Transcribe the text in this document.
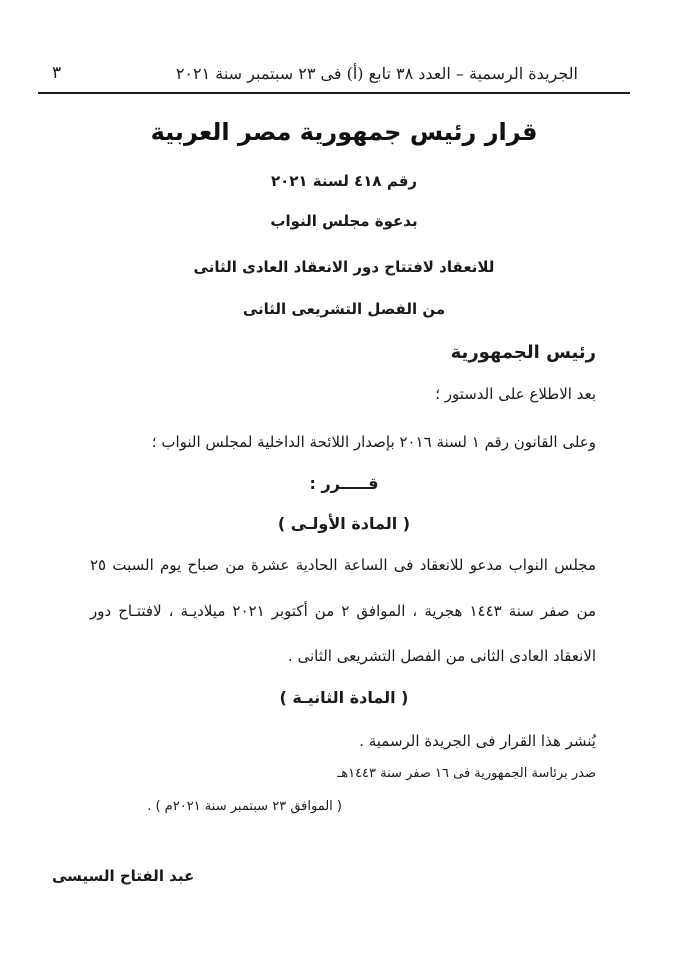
الجريدة الرسمية – العدد ٣٨ تابع (أ) فى ٢٣ سبتمبر سنة ٢٠٢١
٣
قرار رئيس جمهورية مصر العربية
رقم ٤١٨ لسنة ٢٠٢١
بدعوة مجلس النواب
للانعقاد لافتتاح دور الانعقاد العادى الثانى
من الفصل التشريعى الثانى
رئيس الجمهورية
بعد الاطلاع على الدستور ؛
وعلى القانون رقم ١ لسنة ٢٠١٦ بإصدار اللائحة الداخلية لمجلس النواب ؛
قـــــرر :
( المادة الأولـى )
مجلس النواب مدعو للانعقاد فى الساعة الحادية عشرة من صباح يوم السبت ٢٥
من صفر سنة ١٤٤٣ هجرية ، الموافق ٢ من أكتوبر ٢٠٢١ ميلاديـة ، لافتتـاح دور
الانعقاد العادى الثانى من الفصل التشريعى الثانى .
( المادة الثانيـة )
يُنشر هذا القرار فى الجريدة الرسمية .
صدر برئاسة الجمهورية فى ١٦ صفر سنة ١٤٤٣هـ
( الموافق ٢٣ سبتمبر سنة ٢٠٢١م ) .
عبد الفتاح السيسى
